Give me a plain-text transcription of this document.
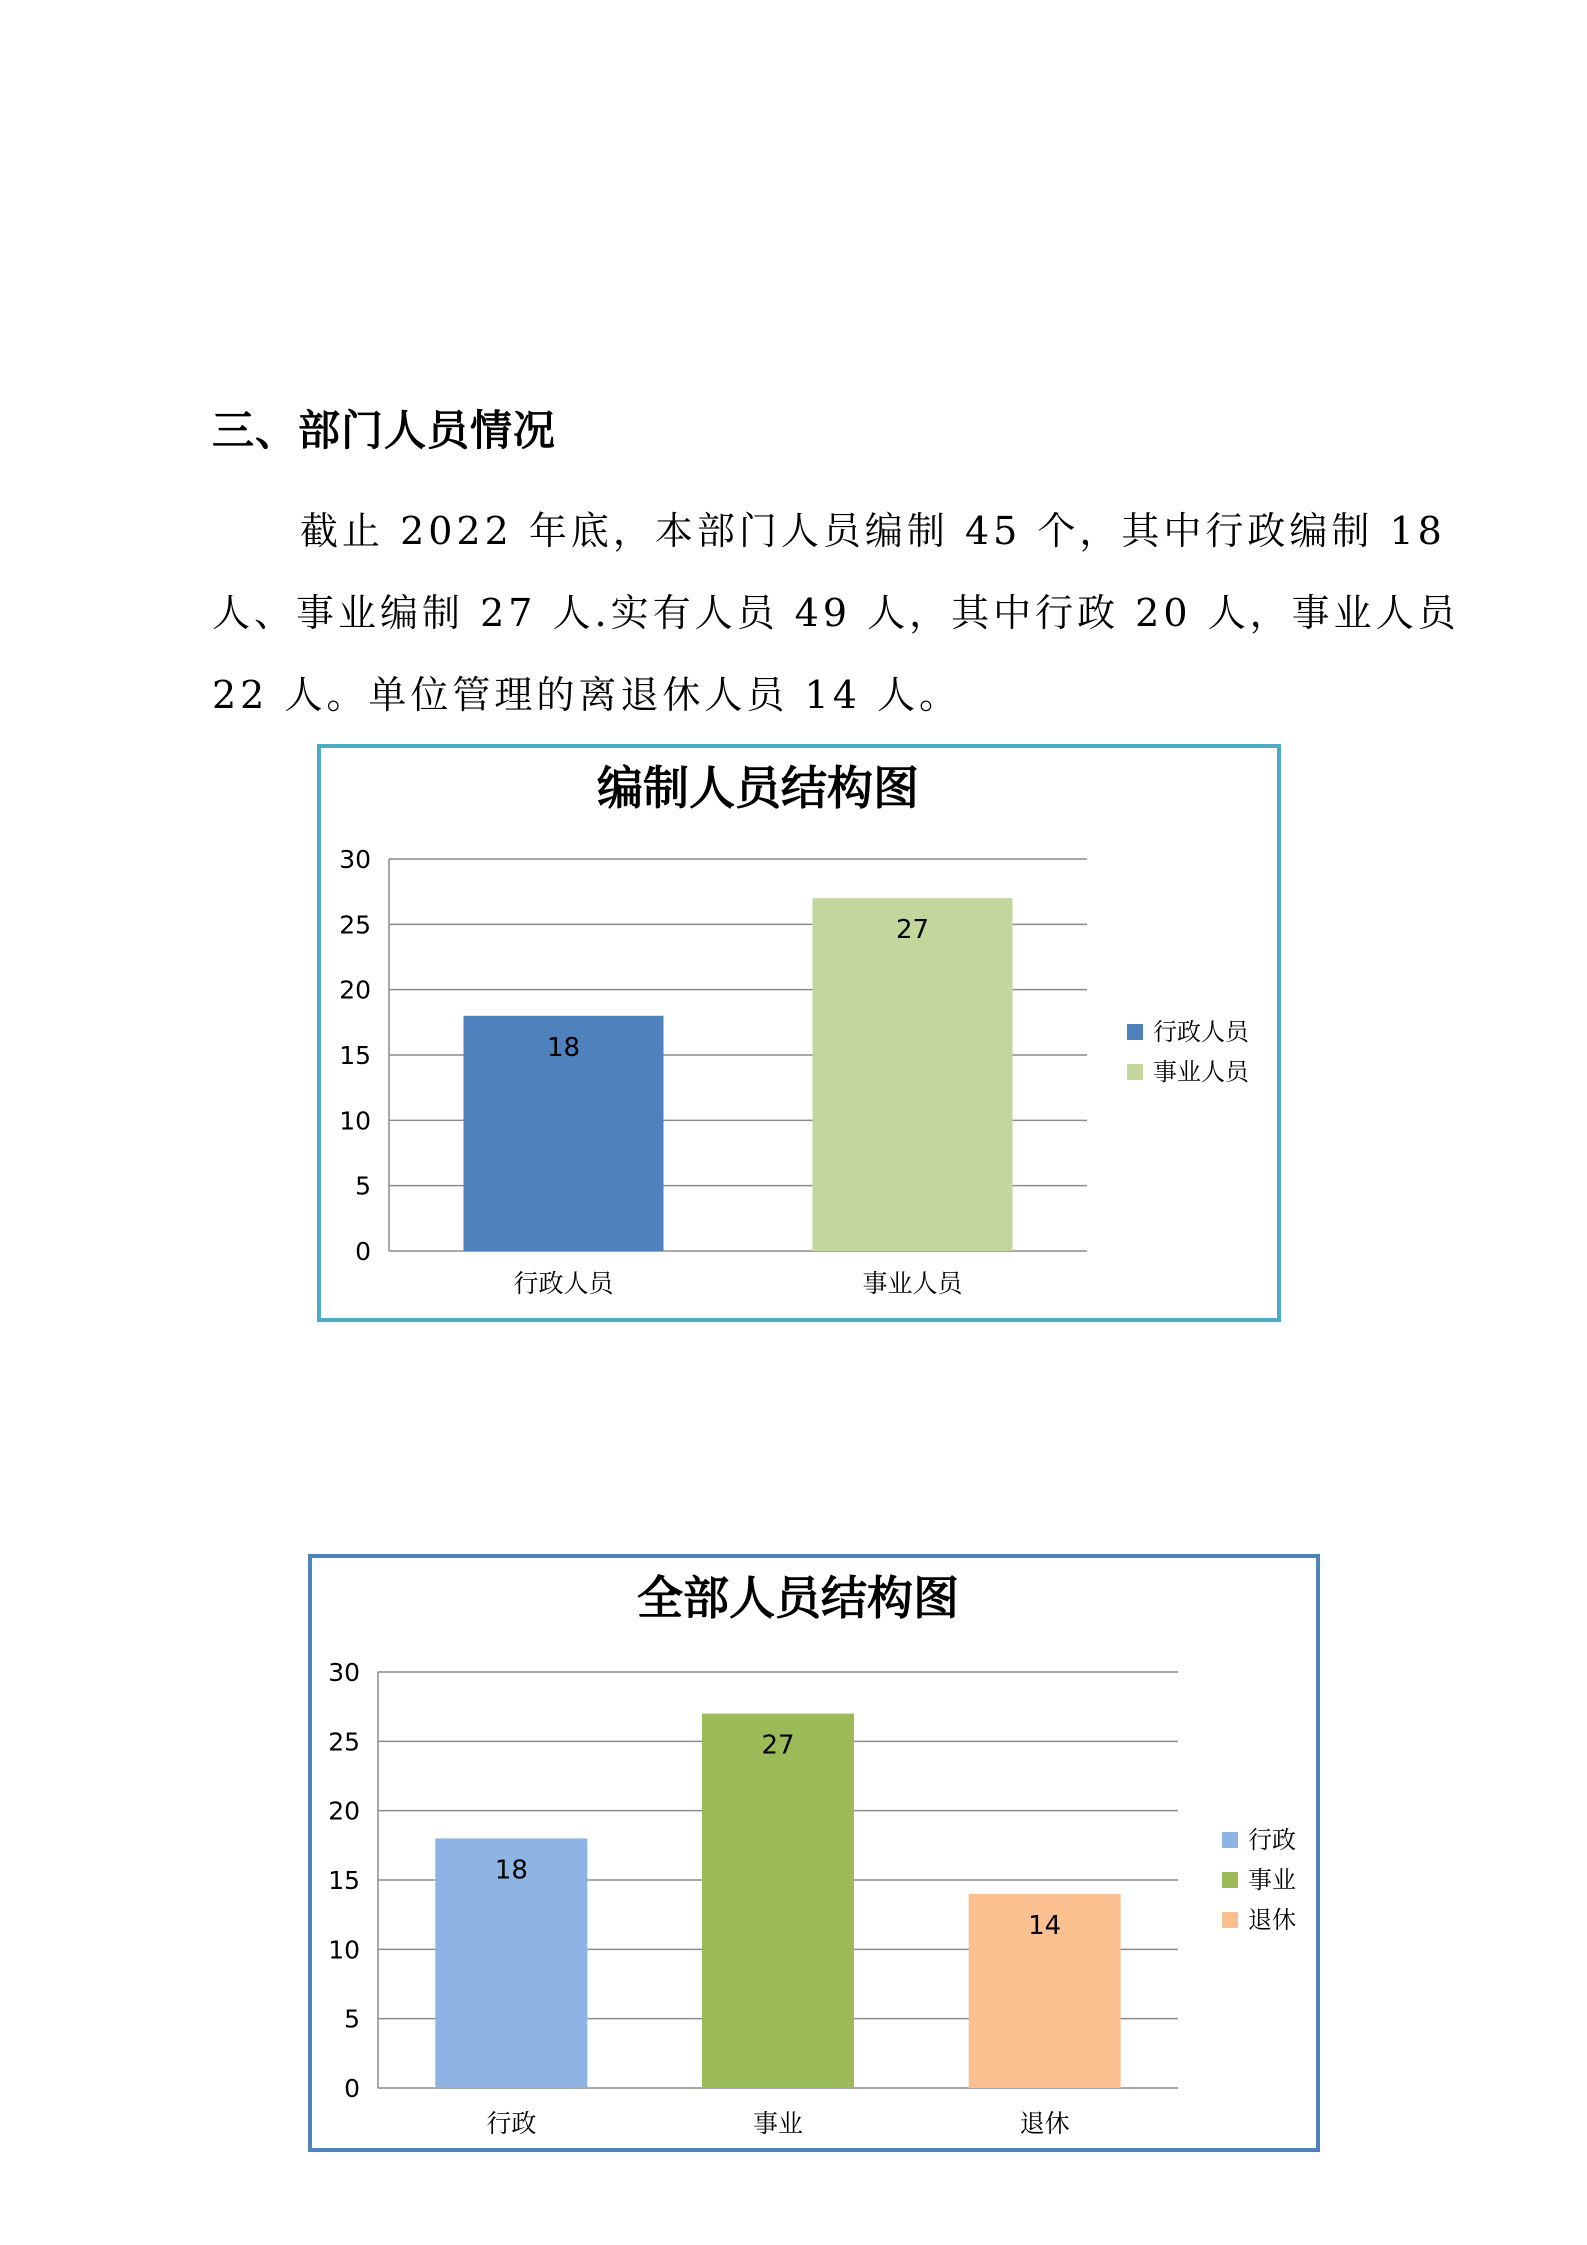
三、部门人员情况
截止 2022 年底，本部门人员编制 45 个，其中行政编制 18
人、事业编制 27 人.实有人员 49 人，其中行政 20 人，事业人员
22 人。单位管理的离退休人员 14 人。
编制人员结构图
0
5
10
15
20
25
30
18
行政人员
27
事业人员
行政人员
事业人员
全部人员结构图
0
5
10
15
20
25
30
18
行政
27
事业
14
退休
行政
事业
退休
